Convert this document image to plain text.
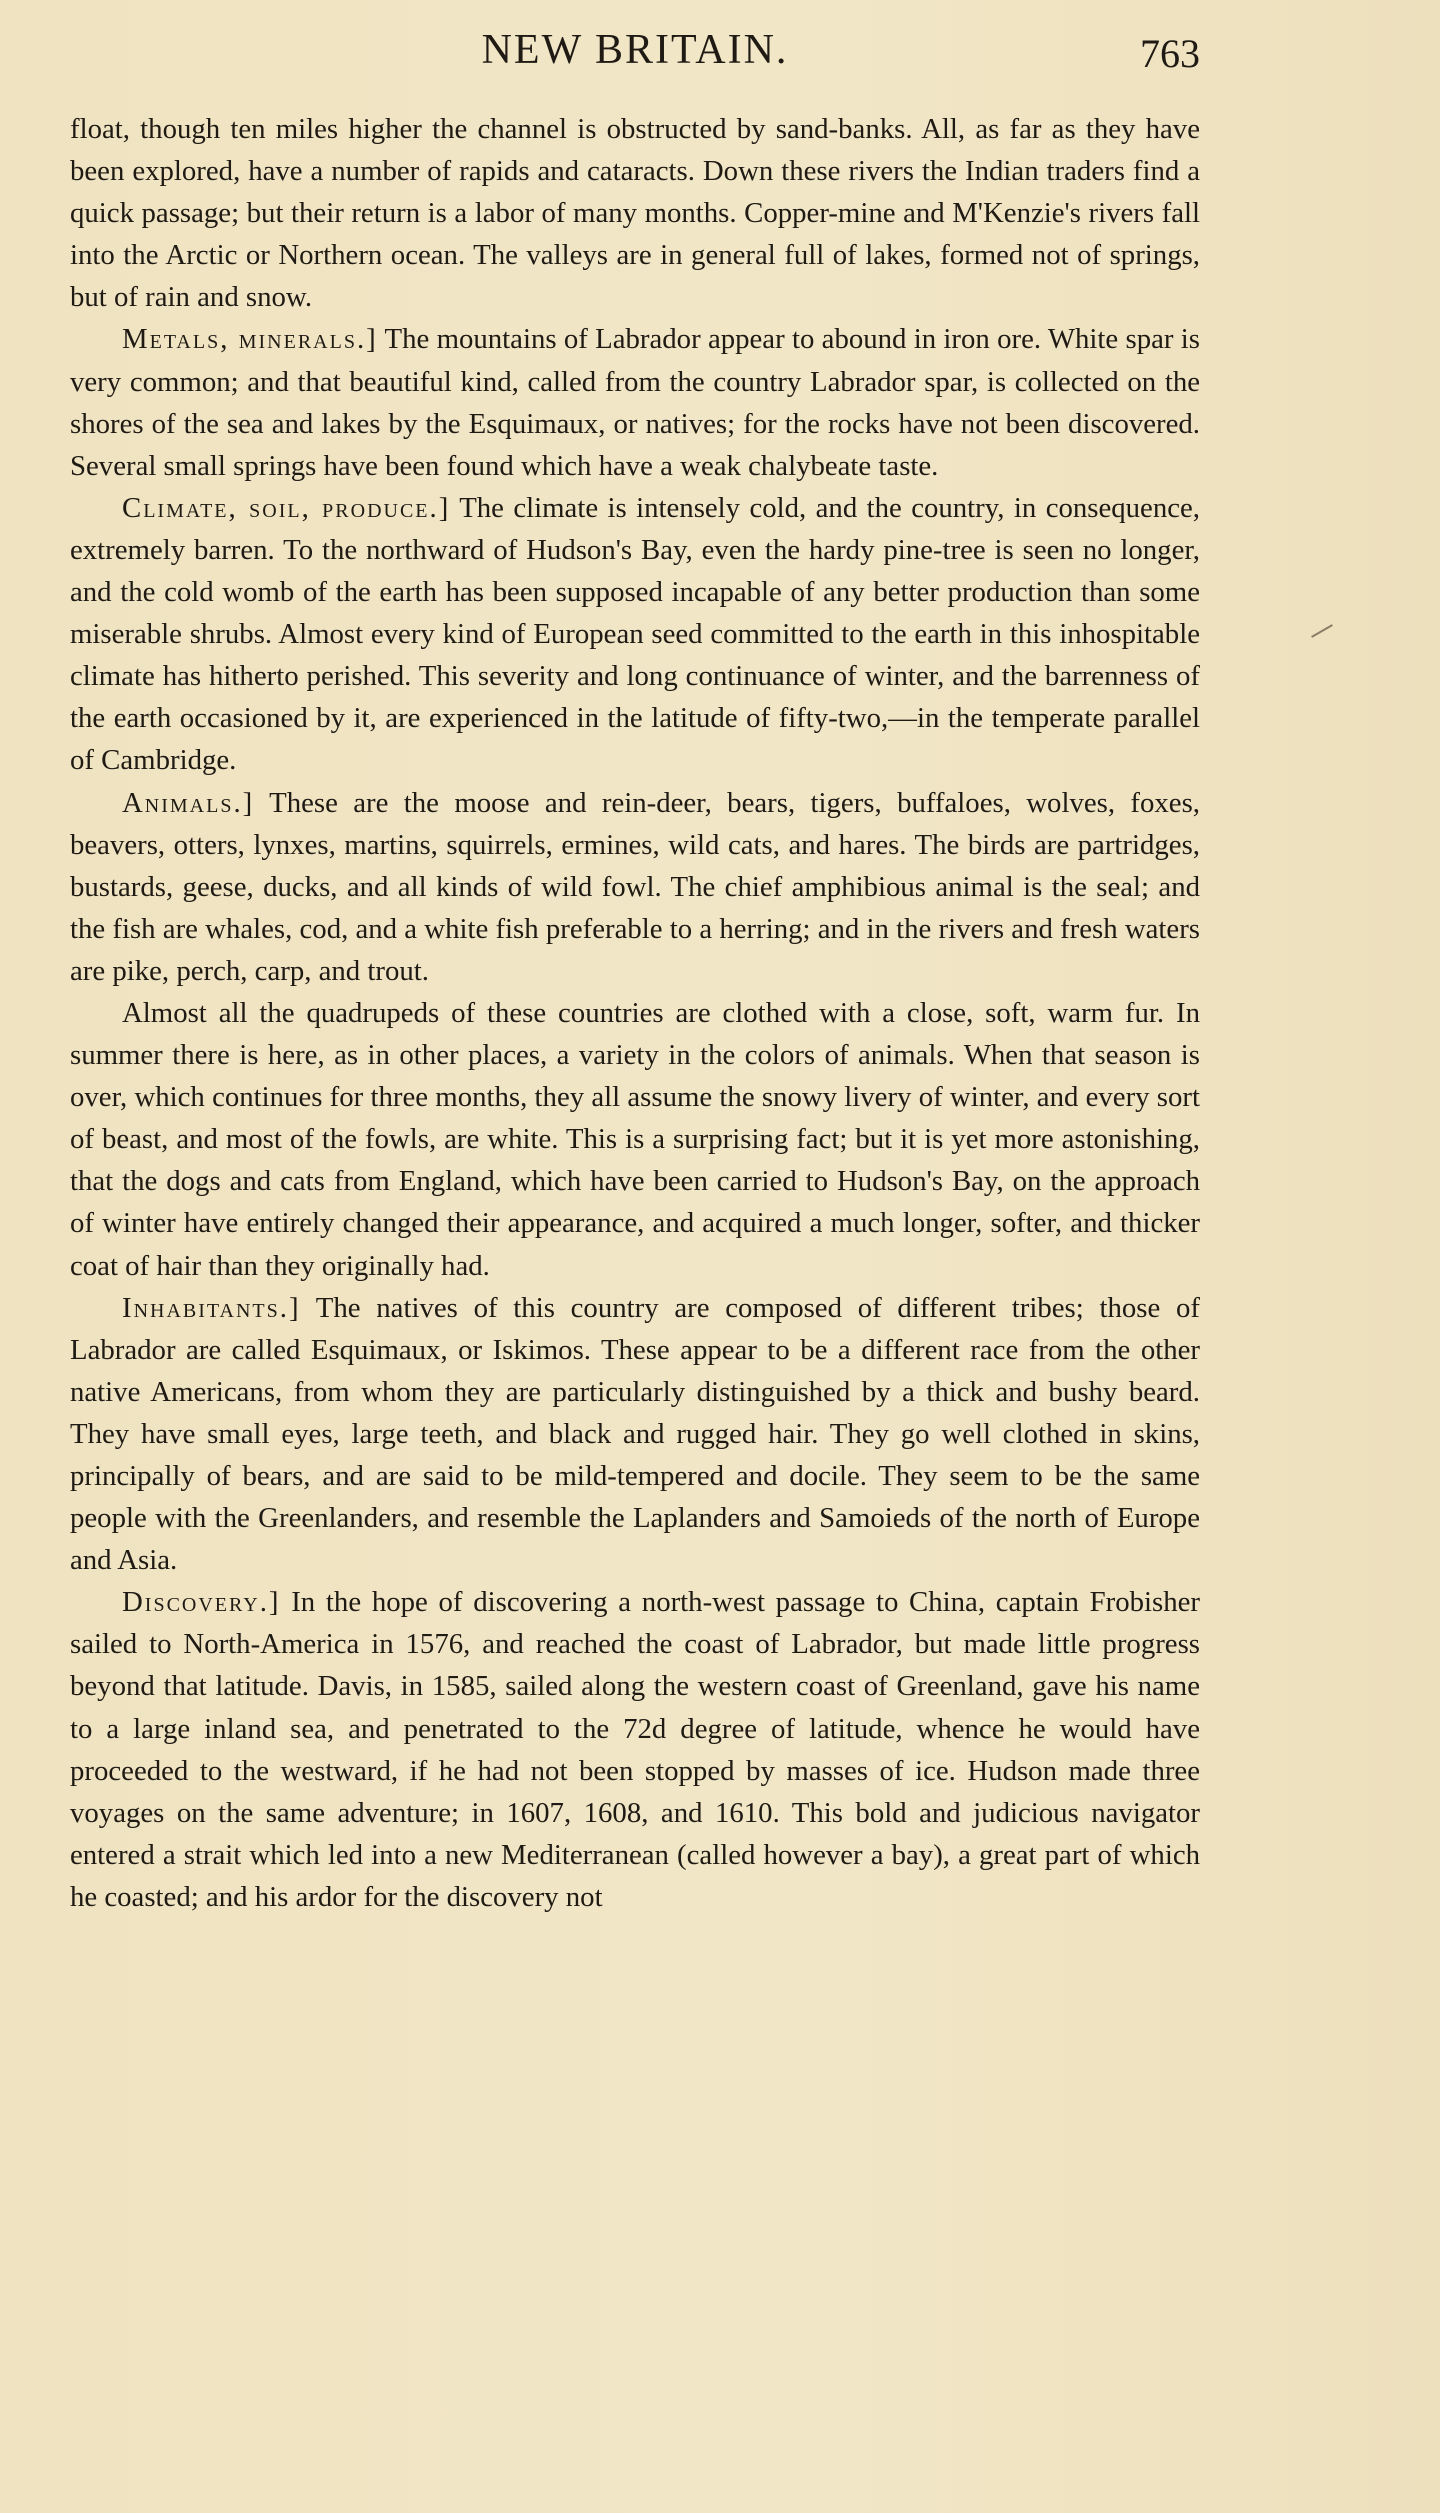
NEW BRITAIN.	763

float, though ten miles higher the channel is obstructed by sand-banks. All, as far as they have been explored, have a number of rapids and cataracts. Down these rivers the Indian traders find a quick passage; but their return is a labor of many months. Copper-mine and M'Kenzie's rivers fall into the Arctic or Northern ocean. The valleys are in general full of lakes, formed not of springs, but of rain and snow.

Metals, minerals.] The mountains of Labrador appear to abound in iron ore. White spar is very common; and that beautiful kind, called from the country Labrador spar, is collected on the shores of the sea and lakes by the Esquimaux, or natives; for the rocks have not been discovered. Several small springs have been found which have a weak chalybeate taste.

Climate, soil, produce.] The climate is intensely cold, and the country, in consequence, extremely barren. To the northward of Hudson's Bay, even the hardy pine-tree is seen no longer, and the cold womb of the earth has been supposed incapable of any better production than some miserable shrubs. Almost every kind of European seed committed to the earth in this inhospitable climate has hitherto perished. This severity and long continuance of winter, and the barrenness of the earth occasioned by it, are experienced in the latitude of fifty-two,—in the temperate parallel of Cambridge.

Animals.] These are the moose and rein-deer, bears, tigers, buffaloes, wolves, foxes, beavers, otters, lynxes, martins, squirrels, ermines, wild cats, and hares. The birds are partridges, bustards, geese, ducks, and all kinds of wild fowl. The chief amphibious animal is the seal; and the fish are whales, cod, and a white fish preferable to a herring; and in the rivers and fresh waters are pike, perch, carp, and trout.

Almost all the quadrupeds of these countries are clothed with a close, soft, warm fur. In summer there is here, as in other places, a variety in the colors of animals. When that season is over, which continues for three months, they all assume the snowy livery of winter, and every sort of beast, and most of the fowls, are white. This is a surprising fact; but it is yet more astonishing, that the dogs and cats from England, which have been carried to Hudson's Bay, on the approach of winter have entirely changed their appearance, and acquired a much longer, softer, and thicker coat of hair than they originally had.

Inhabitants.] The natives of this country are composed of different tribes; those of Labrador are called Esquimaux, or Iskimos. These appear to be a different race from the other native Americans, from whom they are particularly distinguished by a thick and bushy beard. They have small eyes, large teeth, and black and rugged hair. They go well clothed in skins, principally of bears, and are said to be mild-tempered and docile. They seem to be the same people with the Greenlanders, and resemble the Laplanders and Samoieds of the north of Europe and Asia.

Discovery.] In the hope of discovering a north-west passage to China, captain Frobisher sailed to North-America in 1576, and reached the coast of Labrador, but made little progress beyond that latitude. Davis, in 1585, sailed along the western coast of Greenland, gave his name to a large inland sea, and penetrated to the 72d degree of latitude, whence he would have proceeded to the westward, if he had not been stopped by masses of ice. Hudson made three voyages on the same adventure; in 1607, 1608, and 1610. This bold and judicious navigator entered a strait which led into a new Mediterranean (called however a bay), a great part of which he coasted; and his ardor for the discovery not
